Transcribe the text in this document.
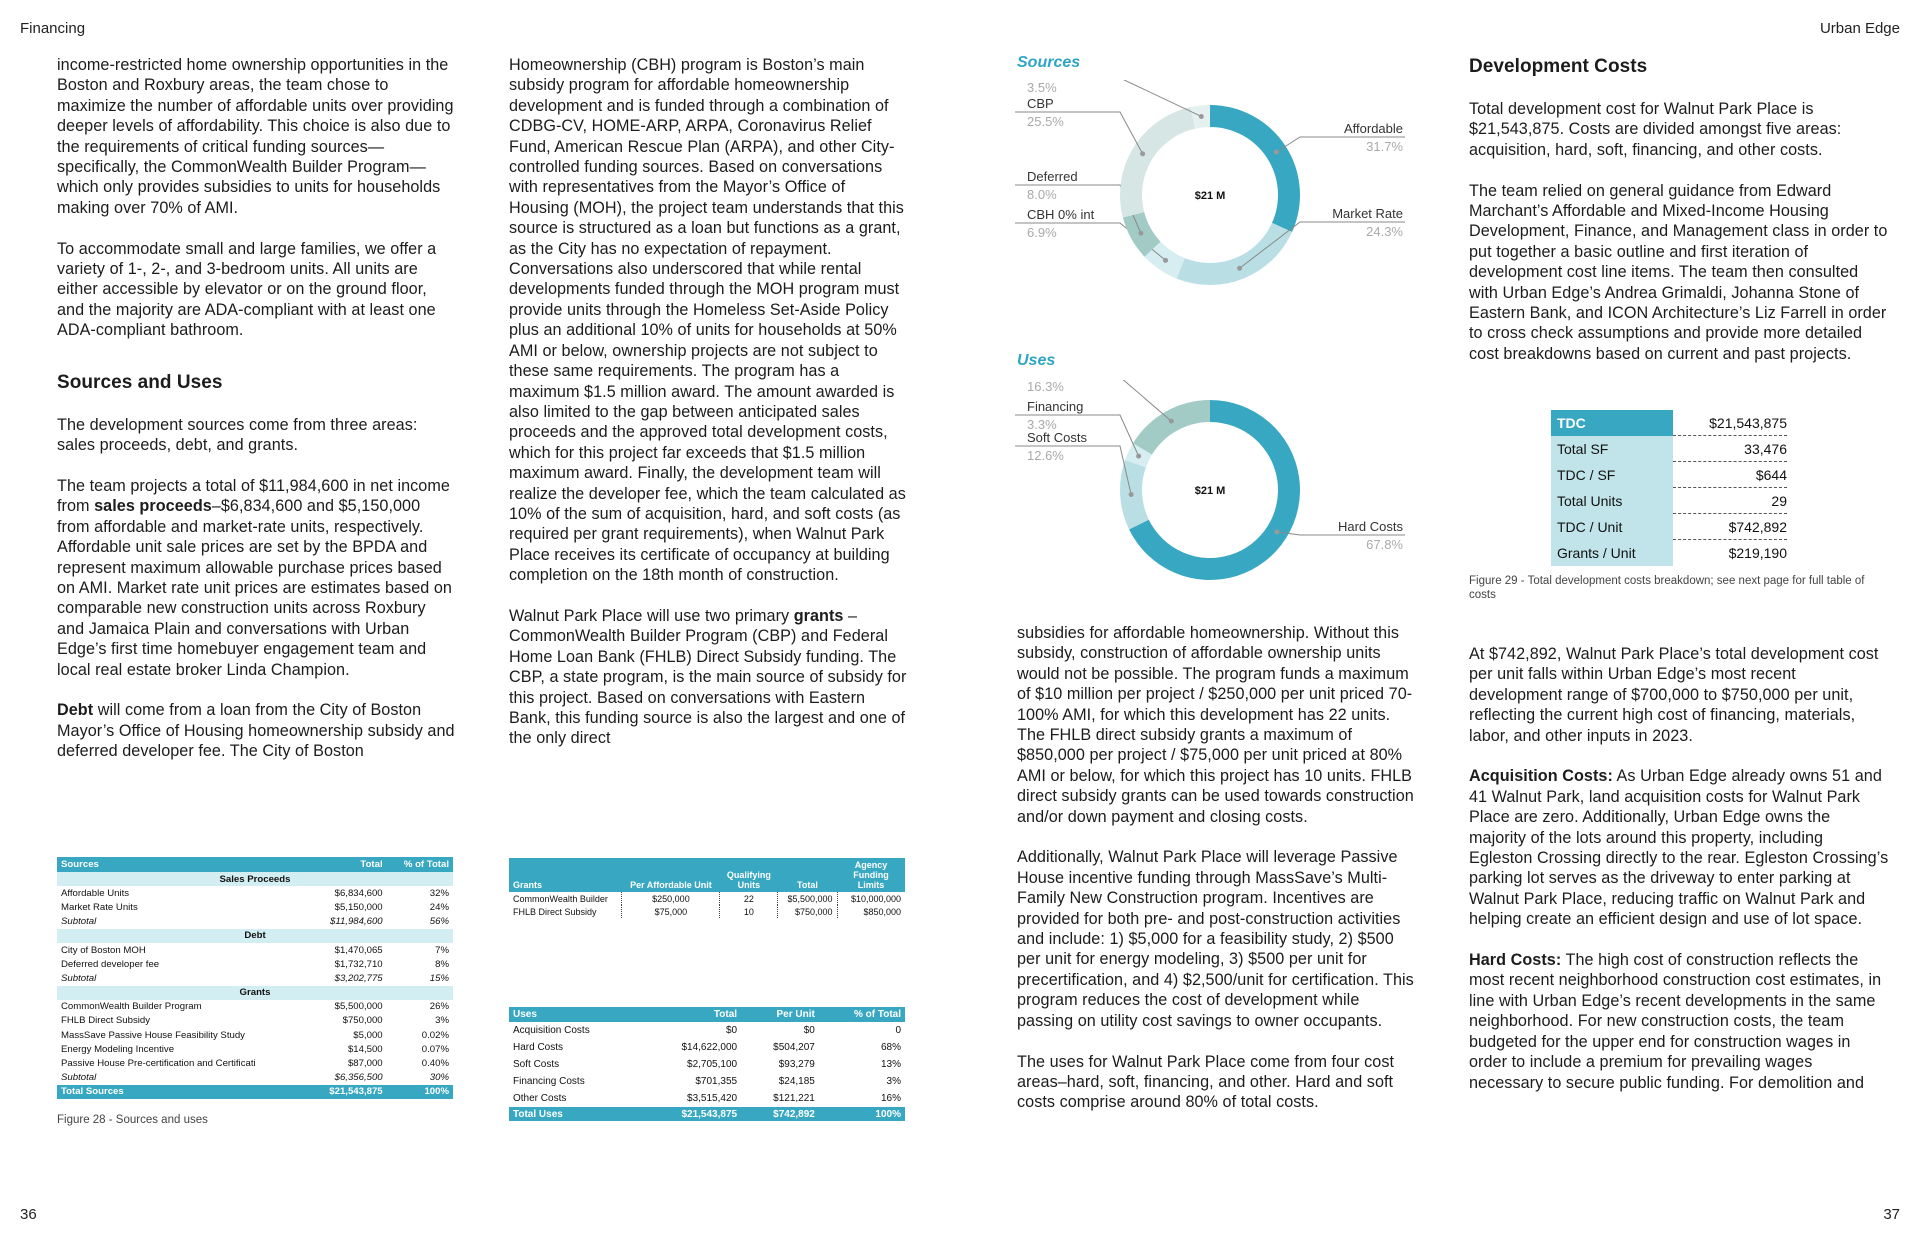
Financing	Urban Edge
36	37

income-restricted home ownership opportunities in the Boston and Roxbury areas, the team chose to maximize the number of affordable units over providing deeper levels of affordability. This choice is also due to the requirements of critical funding sources—specifically, the CommonWealth Builder Program—which only provides subsidies to units for households making over 70% of AMI.

To accommodate small and large families, we offer a variety of 1-, 2-, and 3-bedroom units. All units are either accessible by elevator or on the ground floor, and the majority are ADA-compliant with at least one ADA-compliant bathroom.

Sources and Uses

The development sources come from three areas: sales proceeds, debt, and grants.

The team projects a total of $11,984,600 in net income from sales proceeds–$6,834,600 and $5,150,000 from affordable and market-rate units, respectively. Affordable unit sale prices are set by the BPDA and represent maximum allowable purchase prices based on AMI. Market rate unit prices are estimates based on comparable new construction units across Roxbury and Jamaica Plain and conversations with Urban Edge’s first time homebuyer engagement team and local real estate broker Linda Champion.

Debt will come from a loan from the City of Boston Mayor’s Office of Housing homeownership subsidy and deferred developer fee. The City of Boston

Homeownership (CBH) program is Boston’s main subsidy program for affordable homeownership development and is funded through a combination of CDBG-CV, HOME-ARP, ARPA, Coronavirus Relief Fund, American Rescue Plan (ARPA), and other City-controlled funding sources. Based on conversations with representatives from the Mayor’s Office of Housing (MOH), the project team understands that this source is structured as a loan but functions as a grant, as the City has no expectation of repayment. Conversations also underscored that while rental developments funded through the MOH program must provide units through the Homeless Set-Aside Policy plus an additional 10% of units for households at 50% AMI or below, ownership projects are not subject to these same requirements. The program has a maximum $1.5 million award. The amount awarded is also limited to the gap between anticipated sales proceeds and the approved total development costs, which for this project far exceeds that $1.5 million maximum award. Finally, the development team will realize the developer fee, which the team calculated as 10% of the sum of acquisition, hard, and soft costs (as required per grant requirements), when Walnut Park Place receives its certificate of occupancy at building completion on the 18th month of construction.

Walnut Park Place will use two primary grants – CommonWealth Builder Program (CBP) and Federal Home Loan Bank (FHLB) Direct Subsidy funding. The CBP, a state program, is the main source of subsidy for this project. Based on conversations with Eastern Bank, this funding source is also the largest and one of the only direct

Sources	Total	% of Total
Sales Proceeds		
Affordable Units	$6,834,600	32%
Market Rate Units	$5,150,000	24%
Subtotal	$11,984,600	56%
Debt		
City of Boston MOH	$1,470,065	7%
Deferred developer fee	$1,732,710	8%
Subtotal	$3,202,775	15%
Grants		
CommonWealth Builder Program	$5,500,000	26%
FHLB Direct Subsidy	$750,000	3%
MassSave Passive House Feasibility Study	$5,000	0.02%
Energy Modeling Incentive	$14,500	0.07%
Passive House Pre-certification and Certificati	$87,000	0.40%
Subtotal	$6,356,500	30%
Total Sources	$21,543,875	100%
Figure 28 - Sources and uses
Grants	Per Affordable Unit	Qualifying Units	Total	Agency Funding Limits
CommonWealth Builder	$250,000	22	$5,500,000	$10,000,000
FHLB Direct Subsidy	$75,000	10	$750,000	$850,000
Uses	Total	Per Unit	% of Total
Acquisition Costs	$0	$0	0
Hard Costs	$14,622,000	$504,207	68%
Soft Costs	$2,705,100	$93,279	13%
Financing Costs	$701,355	$24,185	3%
Other Costs	$3,515,420	$121,221	16%
Total Uses	$21,543,875	$742,892	100%
Sources
Affordable
31.7%
Market Rate
24.3%
CBH 0% int
6.9%
Deferred
8.0%
CBP
25.5%
3.5%
$21 M
Uses
Hard Costs
67.8%
Soft Costs
12.6%
Financing
3.3%
16.3%
$21 M

subsidies for affordable homeownership. Without this subsidy, construction of affordable ownership units would not be possible. The program funds a maximum of $10 million per project / $250,000 per unit priced 70-100% AMI, for which this development has 22 units. The FHLB direct subsidy grants a maximum of $850,000 per project / $75,000 per unit priced at 80% AMI or below, for which this project has 10 units. FHLB direct subsidy grants can be used towards construction and/or down payment and closing costs.

Additionally, Walnut Park Place will leverage Passive House incentive funding through MassSave’s Multi-Family New Construction program. Incentives are provided for both pre- and post-construction activities and include: 1) $5,000 for a feasibility study, 2) $500 per unit for energy modeling, 3) $500 per unit for precertification, and 4) $2,500/unit for certification. This program reduces the cost of development while passing on utility cost savings to owner occupants.

The uses for Walnut Park Place come from four cost areas–hard, soft, financing, and other. Hard and soft costs comprise around 80% of total costs.

Development Costs

Total development cost for Walnut Park Place is $21,543,875. Costs are divided amongst five areas: acquisition, hard, soft, financing, and other costs.

The team relied on general guidance from Edward Marchant’s Affordable and Mixed-Income Housing Development, Finance, and Management class in order to put together a basic outline and first iteration of development cost line items. The team then consulted with Urban Edge’s Andrea Grimaldi, Johanna Stone of Eastern Bank, and ICON Architecture’s Liz Farrell in order to cross check assumptions and provide more detailed cost breakdowns based on current and past projects.

TDC	$21,543,875
Total SF	33,476
TDC / SF	$644
Total Units	29
TDC / Unit	$742,892
Grants / Unit	$219,190
Figure 29 - Total development costs breakdown; see next page for full table of costs

At $742,892, Walnut Park Place’s total development cost per unit falls within Urban Edge’s most recent development range of $700,000 to $750,000 per unit, reflecting the current high cost of financing, materials, labor, and other inputs in 2023.

Acquisition Costs: As Urban Edge already owns 51 and 41 Walnut Park, land acquisition costs for Walnut Park Place are zero. Additionally, Urban Edge owns the majority of the lots around this property, including Egleston Crossing directly to the rear. Egleston Crossing’s parking lot serves as the driveway to enter parking at Walnut Park Place, reducing traffic on Walnut Park and helping create an efficient design and use of lot space.

Hard Costs: The high cost of construction reflects the most recent neighborhood construction cost estimates, in line with Urban Edge’s recent developments in the same neighborhood. For new construction costs, the team budgeted for the upper end for construction wages in order to include a premium for prevailing wages necessary to secure public funding. For demolition and
